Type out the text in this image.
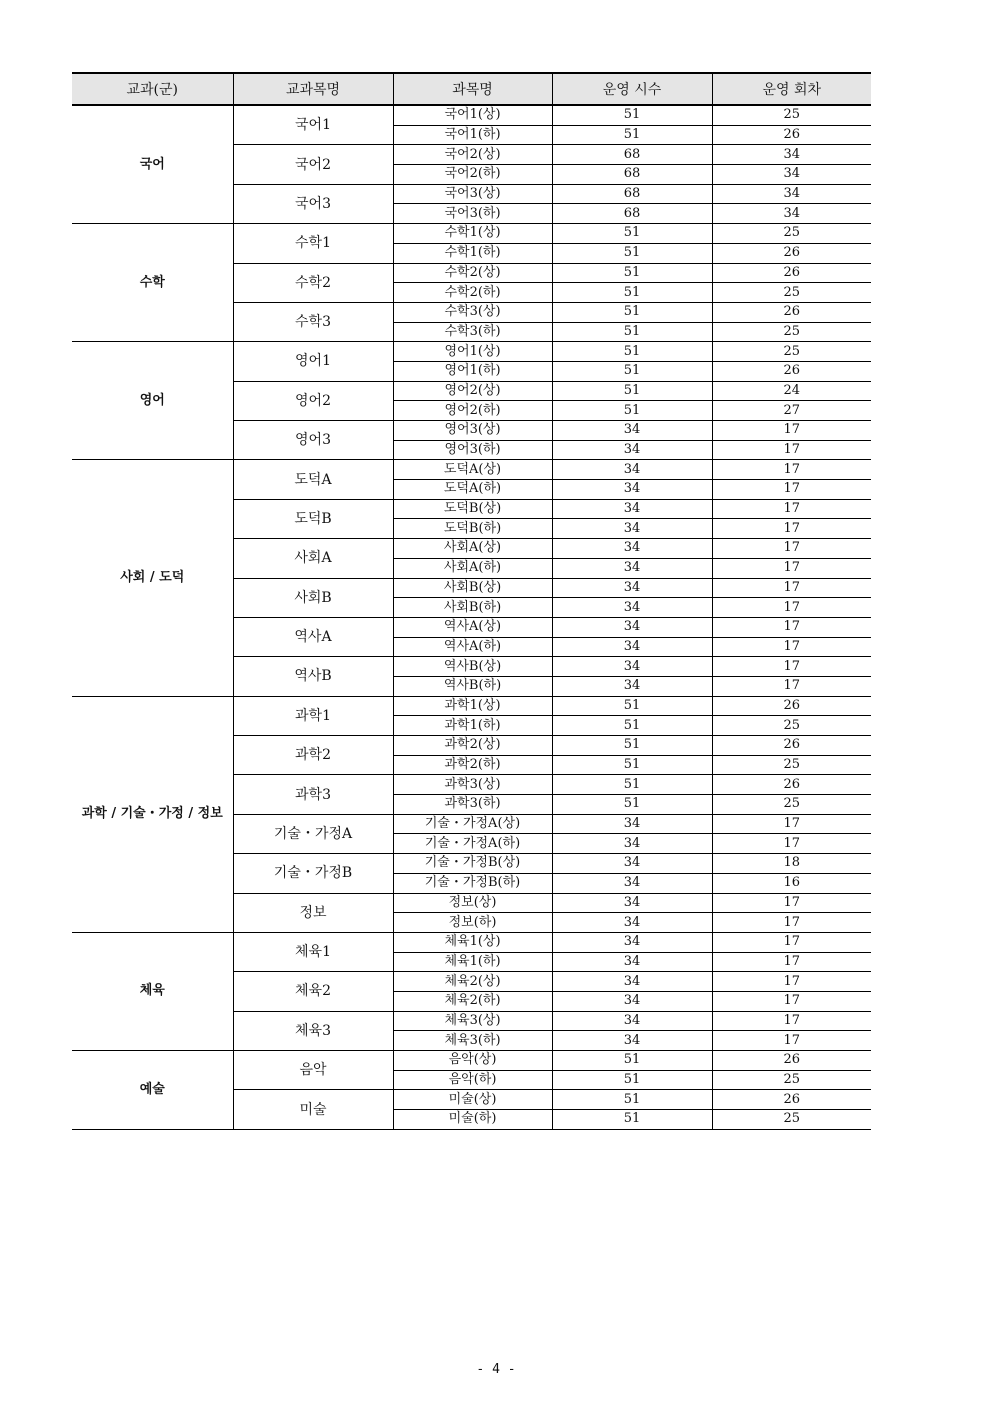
교과(군)	교과목명	과목명	운영 시수	운영 회차
국어	국어1	국어1(상)	51	25
		국어1(하)	51	26
	국어2	국어2(상)	68	34
		국어2(하)	68	34
	국어3	국어3(상)	68	34
		국어3(하)	68	34
수학	수학1	수학1(상)	51	25
		수학1(하)	51	26
	수학2	수학2(상)	51	26
		수학2(하)	51	25
	수학3	수학3(상)	51	26
		수학3(하)	51	25
영어	영어1	영어1(상)	51	25
		영어1(하)	51	26
	영어2	영어2(상)	51	24
		영어2(하)	51	27
	영어3	영어3(상)	34	17
		영어3(하)	34	17
사회 / 도덕	도덕A	도덕A(상)	34	17
		도덕A(하)	34	17
	도덕B	도덕B(상)	34	17
		도덕B(하)	34	17
	사회A	사회A(상)	34	17
		사회A(하)	34	17
	사회B	사회B(상)	34	17
		사회B(하)	34	17
	역사A	역사A(상)	34	17
		역사A(하)	34	17
	역사B	역사B(상)	34	17
		역사B(하)	34	17
과학 / 기술・가정 / 정보	과학1	과학1(상)	51	26
		과학1(하)	51	25
	과학2	과학2(상)	51	26
		과학2(하)	51	25
	과학3	과학3(상)	51	26
		과학3(하)	51	25
	기술・가정A	기술・가정A(상)	34	17
		기술・가정A(하)	34	17
	기술・가정B	기술・가정B(상)	34	18
		기술・가정B(하)	34	16
	정보	정보(상)	34	17
		정보(하)	34	17
체육	체육1	체육1(상)	34	17
		체육1(하)	34	17
	체육2	체육2(상)	34	17
		체육2(하)	34	17
	체육3	체육3(상)	34	17
		체육3(하)	34	17
예술	음악	음악(상)	51	26
		음악(하)	51	25
	미술	미술(상)	51	26
		미술(하)	51	25
- 4 -
